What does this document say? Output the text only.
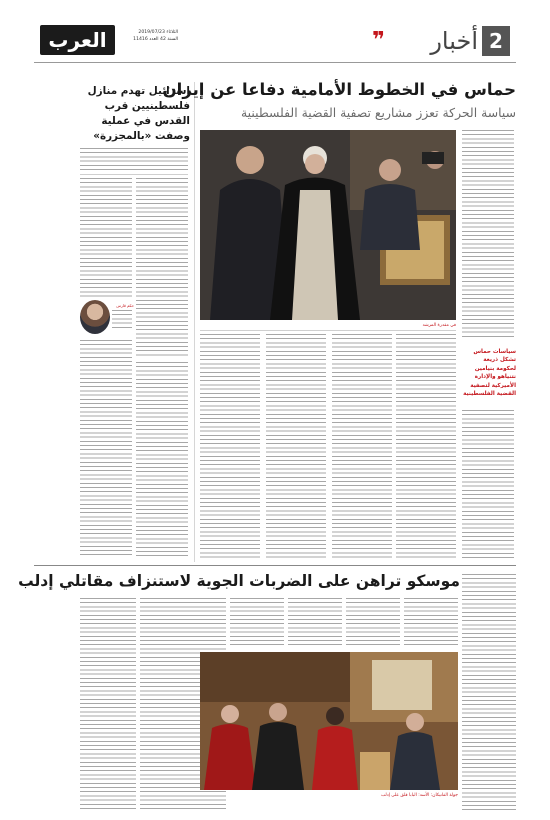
العرب	الثلاثاء 2019/07/23
السنة 42 العدد 11416	2
أخبار
❞
إسرائيل تهدم منازل فلسطينيين قرب القدس في عملية وصفت «بالمجزرة»
حكم قارس
حماس في الخطوط الأمامية دفاعا عن إيران
سياسة الحركة تعزز مشاريع تصفية القضية الفلسطينية
في مقدرة المرشد
سياسات حماس تشكل ذريعة لحكومة بنيامين نتنياهو والإدارة الأميركية لتصفية القضية الفلسطينية
موسكو تراهن على الضربات الجوية لاستنزاف مقاتلي إدلب
جولة الفاتيكان: الأسد: البابا قلق على إدلب
